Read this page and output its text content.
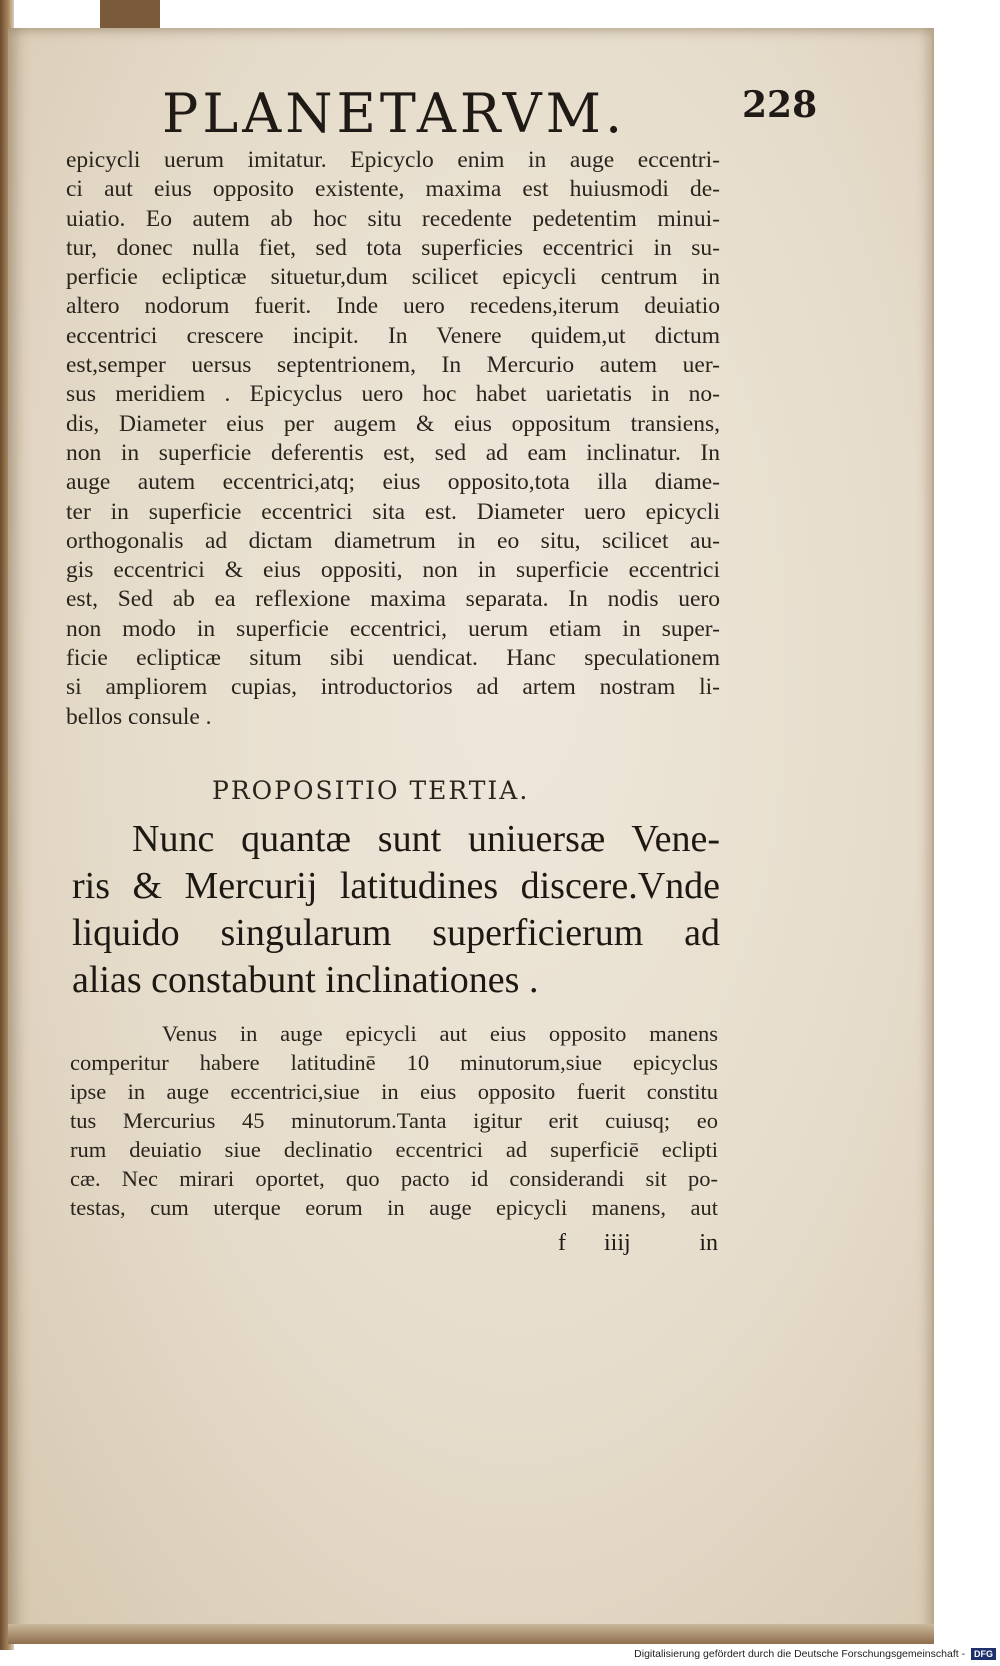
PLANETARVM.	228
epicycli uerum imitatur. Epicyclo enim in auge eccentri-
ci aut eius opposito existente, maxima est huiusmodi de-
uiatio. Eo autem ab hoc situ recedente pedetentim minui-
tur, donec nulla fiet, sed tota superficies eccentrici in su-
perficie eclipticæ situetur,dum scilicet epicycli centrum in
altero nodorum fuerit. Inde uero recedens,iterum deuiatio
eccentrici crescere incipit. In Venere quidem,ut dictum
est,semper uersus septentrionem, In Mercurio autem uer-
sus meridiem . Epicyclus uero hoc habet uarietatis in no-
dis, Diameter eius per augem & eius oppositum transiens,
non in superficie deferentis est, sed ad eam inclinatur. In
auge autem eccentrici,atq; eius opposito,tota illa diame-
ter in superficie eccentrici sita est. Diameter uero epicycli
orthogonalis ad dictam diametrum in eo situ, scilicet au-
gis eccentrici & eius oppositi, non in superficie eccentrici
est, Sed ab ea reflexione maxima separata. In nodis uero
non modo in superficie eccentrici, uerum etiam in super-
ficie eclipticæ situm sibi uendicat. Hanc speculationem
si ampliorem cupias, introductorios ad artem nostram li-
bellos consule .
PROPOSITIO TERTIA.
Nunc quantæ sunt uniuersæ Vene-
ris & Mercurij latitudines discere.Vnde
liquido singularum superficierum ad
alias constabunt inclinationes .
Venus in auge epicycli aut eius opposito manens
comperitur habere latitudinē 10 minutorum,siue epicyclus
ipse in auge eccentrici,siue in eius opposito fuerit constitu
tus Mercurius 45 minutorum.Tanta igitur erit cuiusq; eo
rum deuiatio siue declinatio eccentrici ad superficiē eclipti
cæ. Nec mirari oportet, quo pacto id considerandi sit po-
testas, cum uterque eorum in auge epicycli manens, aut
f iiij	in
Digitalisierung gefördert durch die Deutsche Forschungsgemeinschaft - DFG
